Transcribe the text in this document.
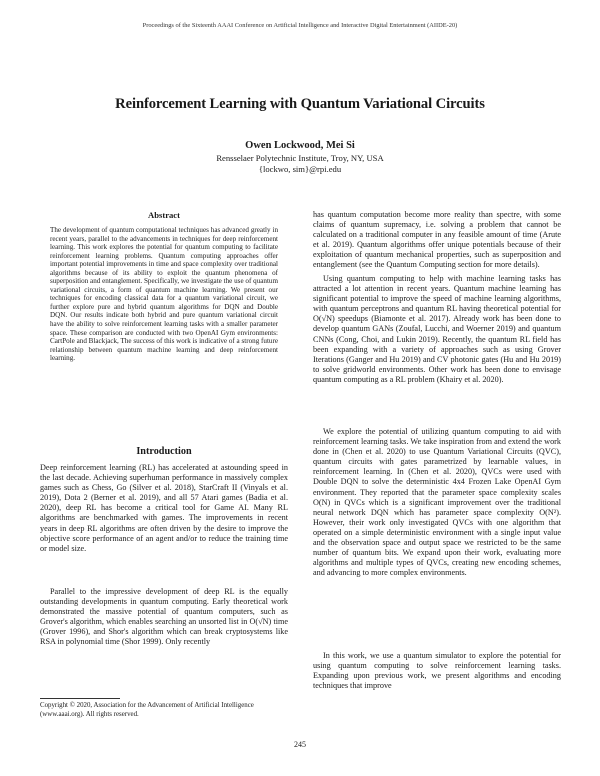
Proceedings of the Sixteenth AAAI Conference on Artificial Intelligence and Interactive Digital Entertainment (AIIDE-20)
Reinforcement Learning with Quantum Variational Circuits
Owen Lockwood, Mei Si
Rensselaer Polytechnic Institute, Troy, NY, USA
{lockwo, sim}@rpi.edu
Abstract

The development of quantum computational techniques has advanced greatly in recent years, parallel to the advancements in techniques for deep reinforcement learning. This work explores the potential for quantum computing to facilitate reinforcement learning problems. Quantum computing approaches offer important potential improvements in time and space complexity over traditional algorithms because of its ability to exploit the quantum phenomena of superposition and entanglement. Specifically, we investigate the use of quantum variational circuits, a form of quantum machine learning. We present our techniques for encoding classical data for a quantum variational circuit, we further explore pure and hybrid quantum algorithms for DQN and Double DQN. Our results indicate both hybrid and pure quantum variational circuit have the ability to solve reinforcement learning tasks with a smaller parameter space. These comparison are conducted with two OpenAI Gym environments: CartPole and Blackjack, The success of this work is indicative of a strong future relationship between quantum machine learning and deep reinforcement learning.

Introduction

Deep reinforcement learning (RL) has accelerated at astounding speed in the last decade. Achieving superhuman performance in massively complex games such as Chess, Go (Silver et al. 2018), StarCraft II (Vinyals et al. 2019), Dota 2 (Berner et al. 2019), and all 57 Atari games (Badia et al. 2020), deep RL has become a critical tool for Game AI. Many RL algorithms are benchmarked with games. The improvements in recent years in deep RL algorithms are often driven by the desire to improve the objective score performance of an agent and/or to reduce the training time or model size.

Parallel to the impressive development of deep RL is the equally outstanding developments in quantum computing. Early theoretical work demonstrated the massive potential of quantum computers, such as Grover's algorithm, which enables searching an unsorted list in O(√N) time (Grover 1996), and Shor's algorithm which can break cryptosystems like RSA in polynomial time (Shor 1999). Only recently

Copyright © 2020, Association for the Advancement of Artificial Intelligence (www.aaai.org). All rights reserved.

has quantum computation become more reality than spectre, with some claims of quantum supremacy, i.e. solving a problem that cannot be calculated on a traditional computer in any feasible amount of time (Arute et al. 2019). Quantum algorithms offer unique potentials because of their exploitation of quantum mechanical properties, such as superposition and entanglement (see the Quantum Computing section for more details).

Using quantum computing to help with machine learning tasks has attracted a lot attention in recent years. Quantum machine learning has significant potential to improve the speed of machine learning algorithms, with quantum perceptrons and quantum RL having theoretical potential for O(√N) speedups (Biamonte et al. 2017). Already work has been done to develop quantum GANs (Zoufal, Lucchi, and Woerner 2019) and quantum CNNs (Cong, Choi, and Lukin 2019). Recently, the quantum RL field has been expanding with a variety of approaches such as using Grover Iterations (Ganger and Hu 2019) and CV photonic gates (Hu and Hu 2019) to solve gridworld environments. Other work has been done to envisage quantum computing as a RL problem (Khairy et al. 2020).

We explore the potential of utilizing quantum computing to aid with reinforcement learning tasks. We take inspiration from and extend the work done in (Chen et al. 2020) to use Quantum Variational Circuits (QVC), quantum circuits with gates parametrized by learnable values, in reinforcement learning. In (Chen et al. 2020), QVCs were used with Double DQN to solve the deterministic 4x4 Frozen Lake OpenAI Gym environment. They reported that the parameter space complexity scales O(N) in QVCs which is a significant improvement over the traditional neural network DQN which has parameter space complexity O(N²). However, their work only investigated QVCs with one algorithm that operated on a simple deterministic environment with a single input value and the observation space and output space we restricted to be the same number of quantum bits. We expand upon their work, evaluating more algorithms and multiple types of QVCs, creating new encoding schemes, and advancing to more complex environments.

In this work, we use a quantum simulator to explore the potential for using quantum computing to solve reinforcement learning tasks. Expanding upon previous work, we present algorithms and encoding techniques that improve

245
